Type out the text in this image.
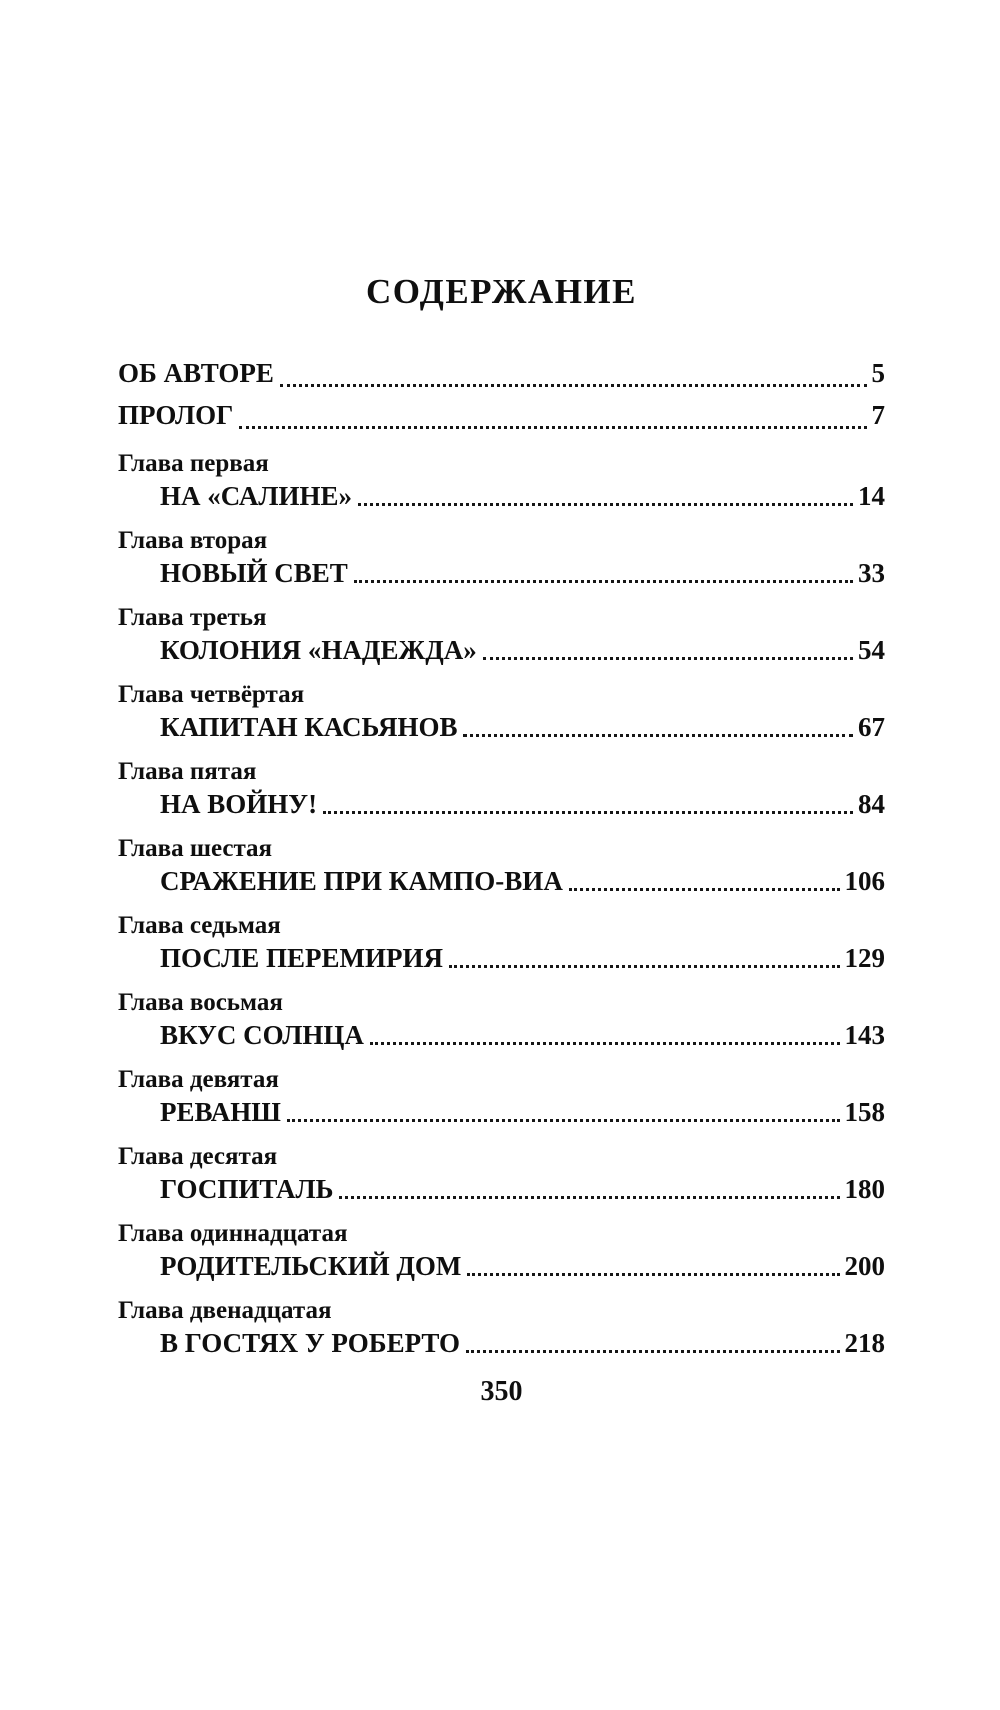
СОДЕРЖАНИЕ
ОБ АВТОРЕ	5
ПРОЛОГ	7
Глава первая
НА «САЛИНЕ»	14
Глава вторая
НОВЫЙ СВЕТ	33
Глава третья
КОЛОНИЯ «НАДЕЖДА»	54
Глава четвёртая
КАПИТАН КАСЬЯНОВ	67
Глава пятая
НА ВОЙНУ!	84
Глава шестая
СРАЖЕНИЕ ПРИ КАМПО-ВИА	106
Глава седьмая
ПОСЛЕ ПЕРЕМИРИЯ	129
Глава восьмая
ВКУС СОЛНЦА	143
Глава девятая
РЕВАНШ	158
Глава десятая
ГОСПИТАЛЬ	180
Глава одиннадцатая
РОДИТЕЛЬСКИЙ ДОМ	200
Глава двенадцатая
В ГОСТЯХ У РОБЕРТО	218
350
